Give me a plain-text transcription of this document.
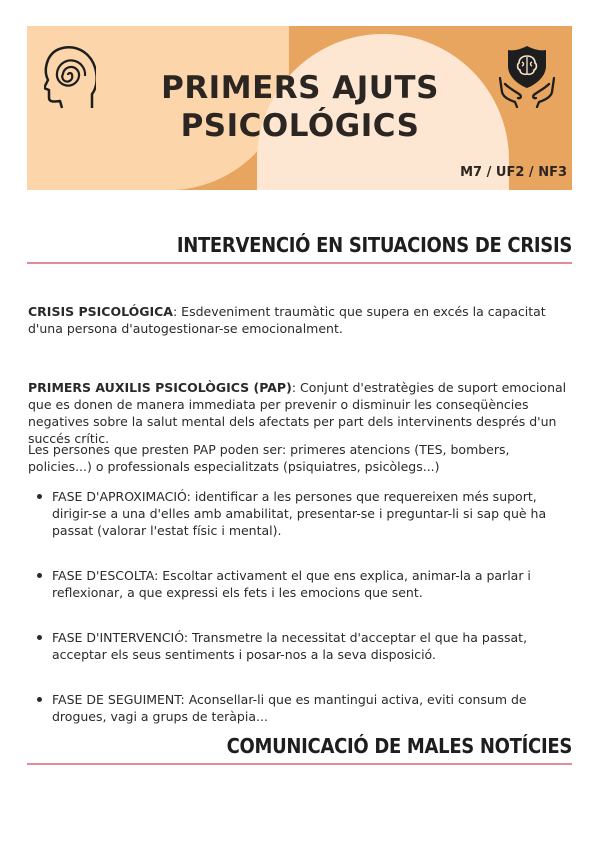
PRIMERS AJUTS
PSICOLÓGICS
M7 / UF2 / NF3
INTERVENCIÓ EN SITUACIONS DE CRISIS

CRISIS PSICOLÓGICA: Esdeveniment traumàtic que supera en excés la capacitat d'una persona d'autogestionar-se emocionalment.

PRIMERS AUXILIS PSICOLÒGICS (PAP): Conjunt d'estratègies de suport emocional que es donen de manera immediata per prevenir o disminuir les conseqüències negatives sobre la salut mental dels afectats per part dels intervinents després d'un succés crític.

Les persones que presten PAP poden ser: primeres atencions (TES, bombers, policies...) o professionals especialitzats (psiquiatres, psicòlegs...)

FASE D'APROXIMACIÓ: identificar a les persones que requereixen més suport, dirigir-se a una d'elles amb amabilitat, presentar-se i preguntar-li si sap què ha passat (valorar l'estat físic i mental).
FASE D'ESCOLTA: Escoltar activament el que ens explica, animar-la a parlar i reflexionar, a que expressi els fets i les emocions que sent.
FASE D'INTERVENCIÓ: Transmetre la necessitat d'acceptar el que ha passat, acceptar els seus sentiments i posar-nos a la seva disposició.
FASE DE SEGUIMENT: Aconsellar-li que es mantingui activa, eviti consum de drogues, vagi a grups de teràpia...
COMUNICACIÓ DE MALES NOTÍCIES
